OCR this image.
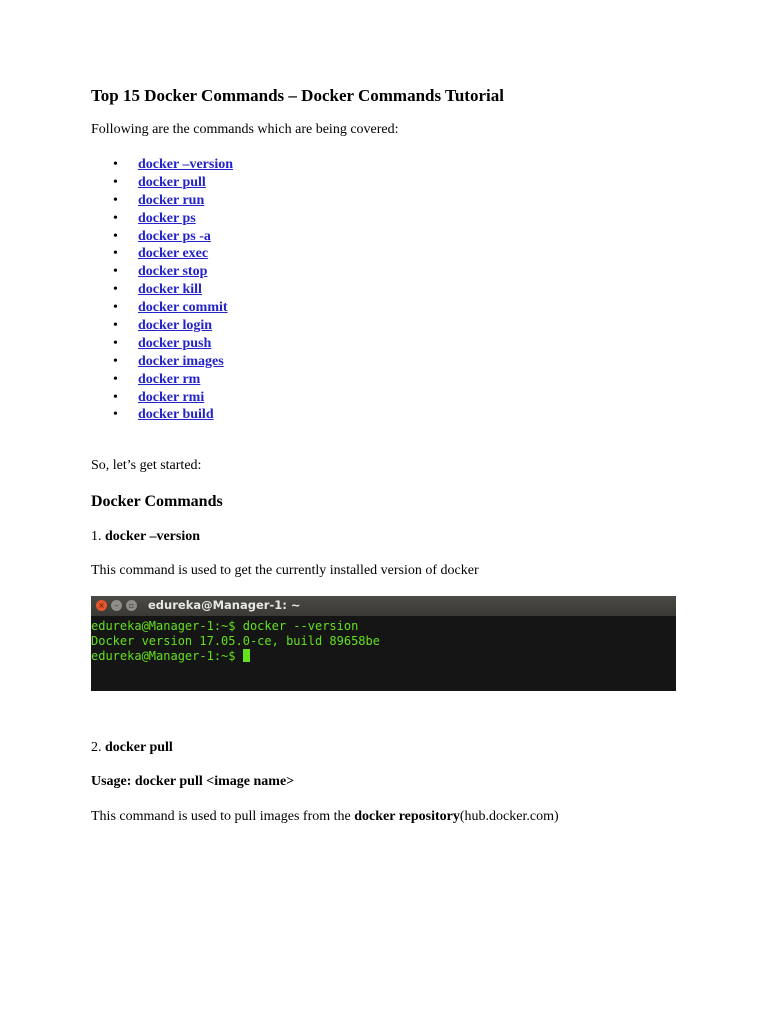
Top 15 Docker Commands – Docker Commands Tutorial

Following are the commands which are being covered:

• docker –version
• docker pull
• docker run
• docker ps
• docker ps -a
• docker exec
• docker stop
• docker kill
• docker commit
• docker login
• docker push
• docker images
• docker rm
• docker rmi
• docker build

So, let’s get started:

Docker Commands

1. docker –version

This command is used to get the currently installed version of docker

×	–	▫ edureka@Manager-1: ~
edureka@Manager-1:~$ docker --version
Docker version 17.05.0-ce, build 89658be
edureka@Manager-1:~$

2. docker pull

Usage: docker pull <image name>

This command is used to pull images from the docker repository(hub.docker.com)
